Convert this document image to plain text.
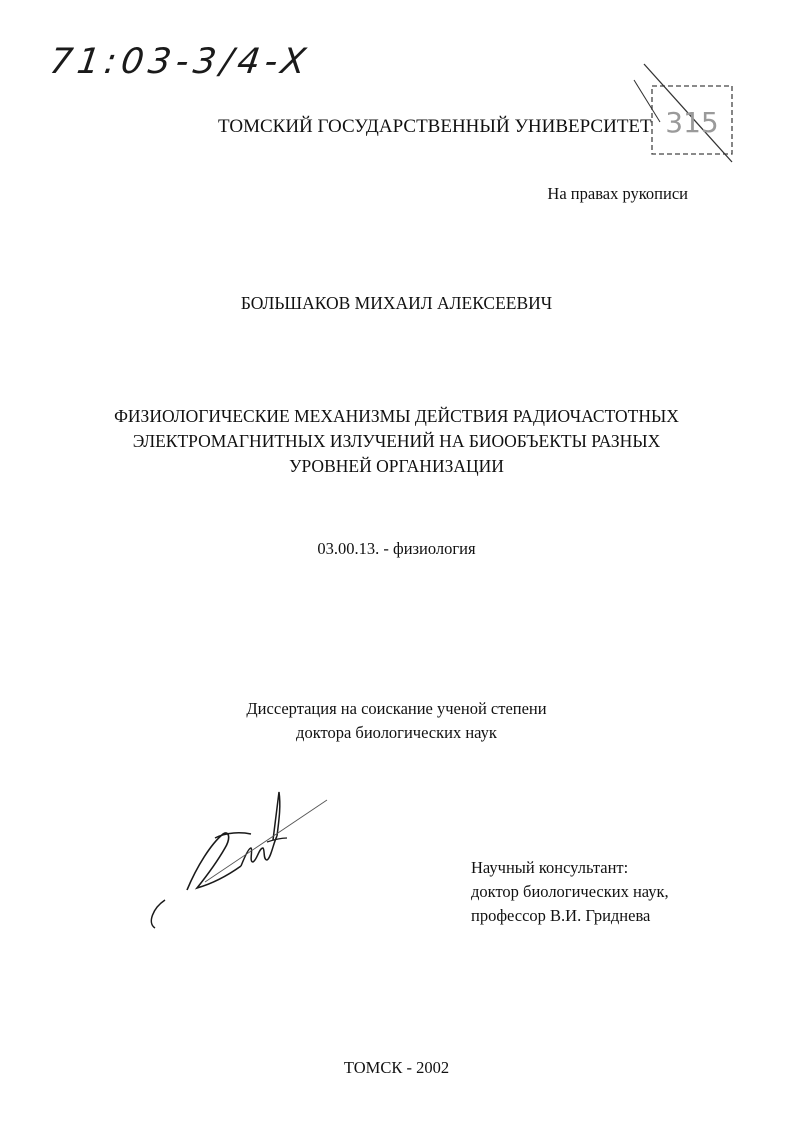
71:03-3/4-X
ТОМСКИЙ ГОСУДАРСТВЕННЫЙ УНИВЕРСИТЕТ 315
На правах рукописи
БОЛЬШАКОВ МИХАИЛ АЛЕКСЕЕВИЧ
ФИЗИОЛОГИЧЕСКИЕ МЕХАНИЗМЫ ДЕЙСТВИЯ РАДИОЧАСТОТНЫХ
ЭЛЕКТРОМАГНИТНЫХ ИЗЛУЧЕНИЙ НА БИООБЪЕКТЫ РАЗНЫХ
УРОВНЕЙ ОРГАНИЗАЦИИ
03.00.13. - физиология
Диссертация на соискание ученой степени
доктора биологических наук
Научный консультант:
доктор биологических наук,
профессор В.И. Гриднева
ТОМСК - 2002
